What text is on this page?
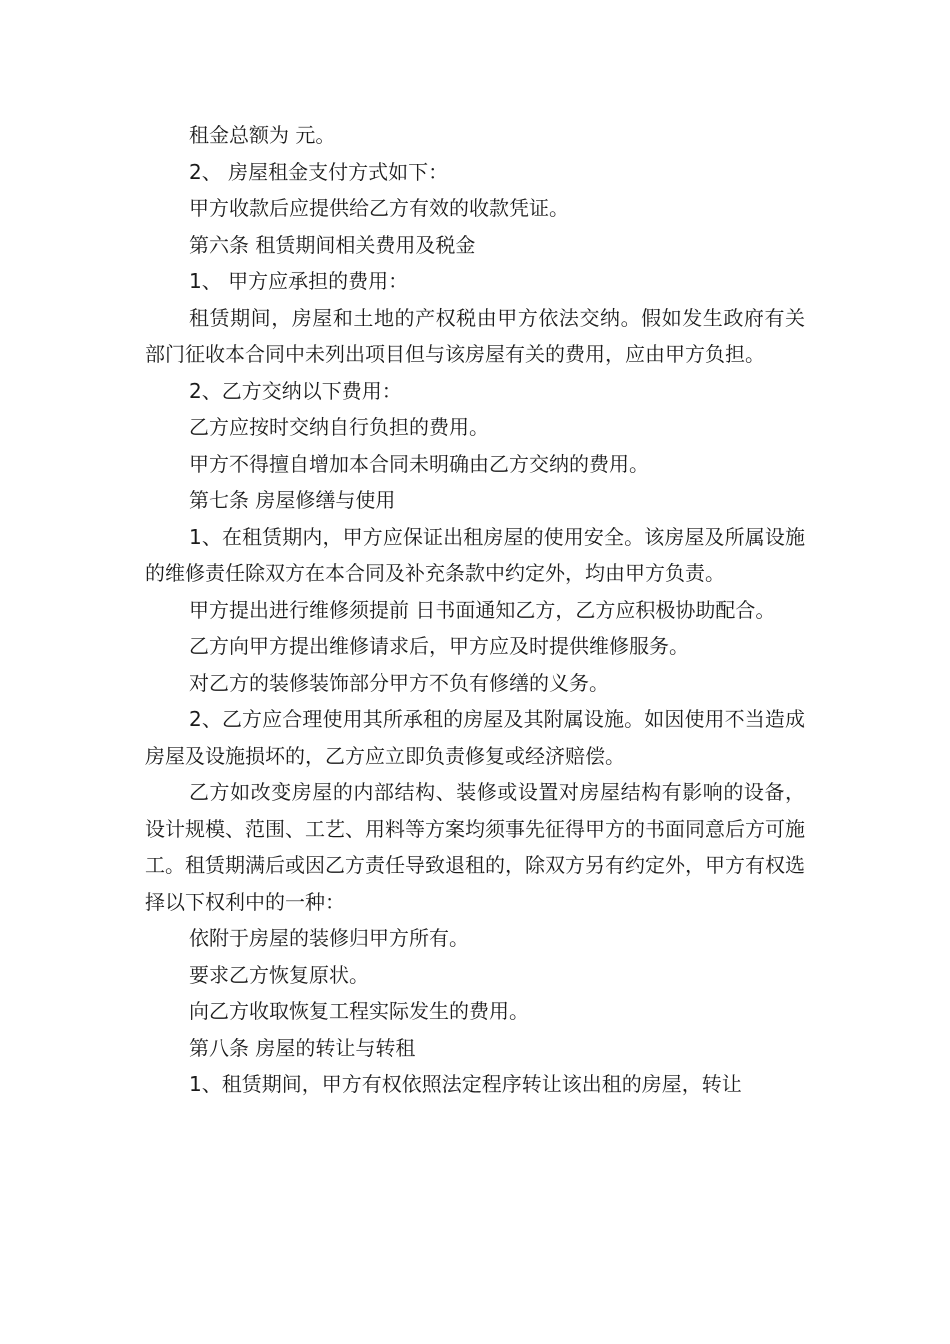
租金总额为 元。

2、 房屋租金支付方式如下：

甲方收款后应提供给乙方有效的收款凭证。

第六条 租赁期间相关费用及税金

1、 甲方应承担的费用：

租赁期间，房屋和土地的产权税由甲方依法交纳。假如发生政府有关部门征收本合同中未列出项目但与该房屋有关的费用，应由甲方负担。

2、乙方交纳以下费用：

乙方应按时交纳自行负担的费用。

甲方不得擅自增加本合同未明确由乙方交纳的费用。

第七条 房屋修缮与使用

1、在租赁期内，甲方应保证出租房屋的使用安全。该房屋及所属设施的维修责任除双方在本合同及补充条款中约定外，均由甲方负责。

甲方提出进行维修须提前 日书面通知乙方，乙方应积极协助配合。

乙方向甲方提出维修请求后，甲方应及时提供维修服务。

对乙方的装修装饰部分甲方不负有修缮的义务。

2、乙方应合理使用其所承租的房屋及其附属设施。如因使用不当造成房屋及设施损坏的，乙方应立即负责修复或经济赔偿。

乙方如改变房屋的内部结构、装修或设置对房屋结构有影响的设备，设计规模、范围、工艺、用料等方案均须事先征得甲方的书面同意后方可施工。租赁期满后或因乙方责任导致退租的，除双方另有约定外，甲方有权选择以下权利中的一种：

依附于房屋的装修归甲方所有。

要求乙方恢复原状。

向乙方收取恢复工程实际发生的费用。

第八条 房屋的转让与转租

1、租赁期间，甲方有权依照法定程序转让该出租的房屋，转让
